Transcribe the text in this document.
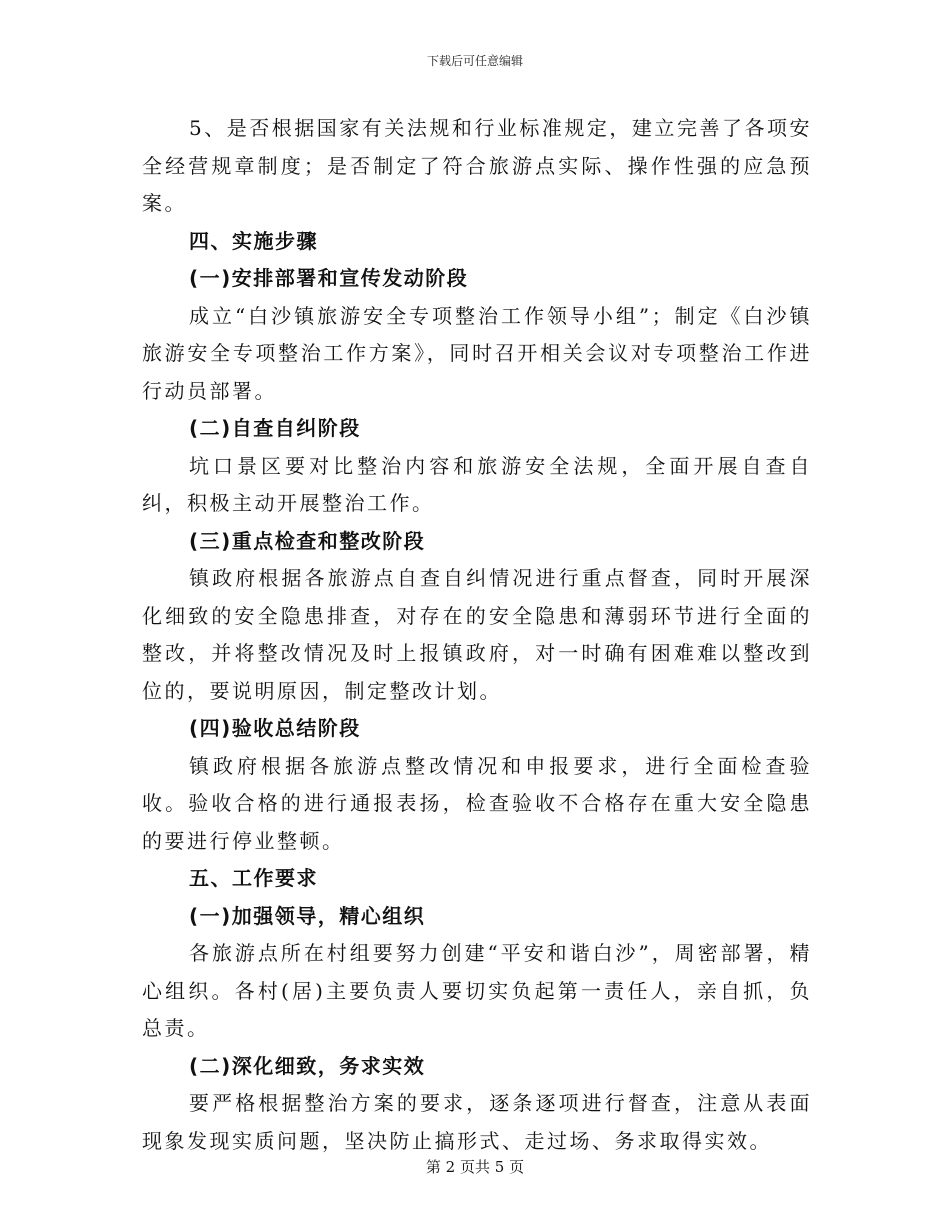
下载后可任意编辑

5、是否根据国家有关法规和行业标准规定，建立完善了各项安全经营规章制度；是否制定了符合旅游点实际、操作性强的应急预案。

四、实施步骤

(一)安排部署和宣传发动阶段

成立“白沙镇旅游安全专项整治工作领导小组”；制定《白沙镇旅游安全专项整治工作方案》，同时召开相关会议对专项整治工作进行动员部署。

(二)自查自纠阶段

坑口景区要对比整治内容和旅游安全法规，全面开展自查自纠，积极主动开展整治工作。

(三)重点检查和整改阶段

镇政府根据各旅游点自查自纠情况进行重点督查，同时开展深化细致的安全隐患排查，对存在的安全隐患和薄弱环节进行全面的整改，并将整改情况及时上报镇政府，对一时确有困难难以整改到位的，要说明原因，制定整改计划。

(四)验收总结阶段

镇政府根据各旅游点整改情况和申报要求，进行全面检查验收。验收合格的进行通报表扬，检查验收不合格存在重大安全隐患的要进行停业整顿。

五、工作要求

(一)加强领导，精心组织

各旅游点所在村组要努力创建“平安和谐白沙”，周密部署，精心组织。各村(居)主要负责人要切实负起第一责任人，亲自抓，负总责。

(二)深化细致，务求实效

要严格根据整治方案的要求，逐条逐项进行督查，注意从表面现象发现实质问题，坚决防止搞形式、走过场、务求取得实效。

第 2 页共 5 页
